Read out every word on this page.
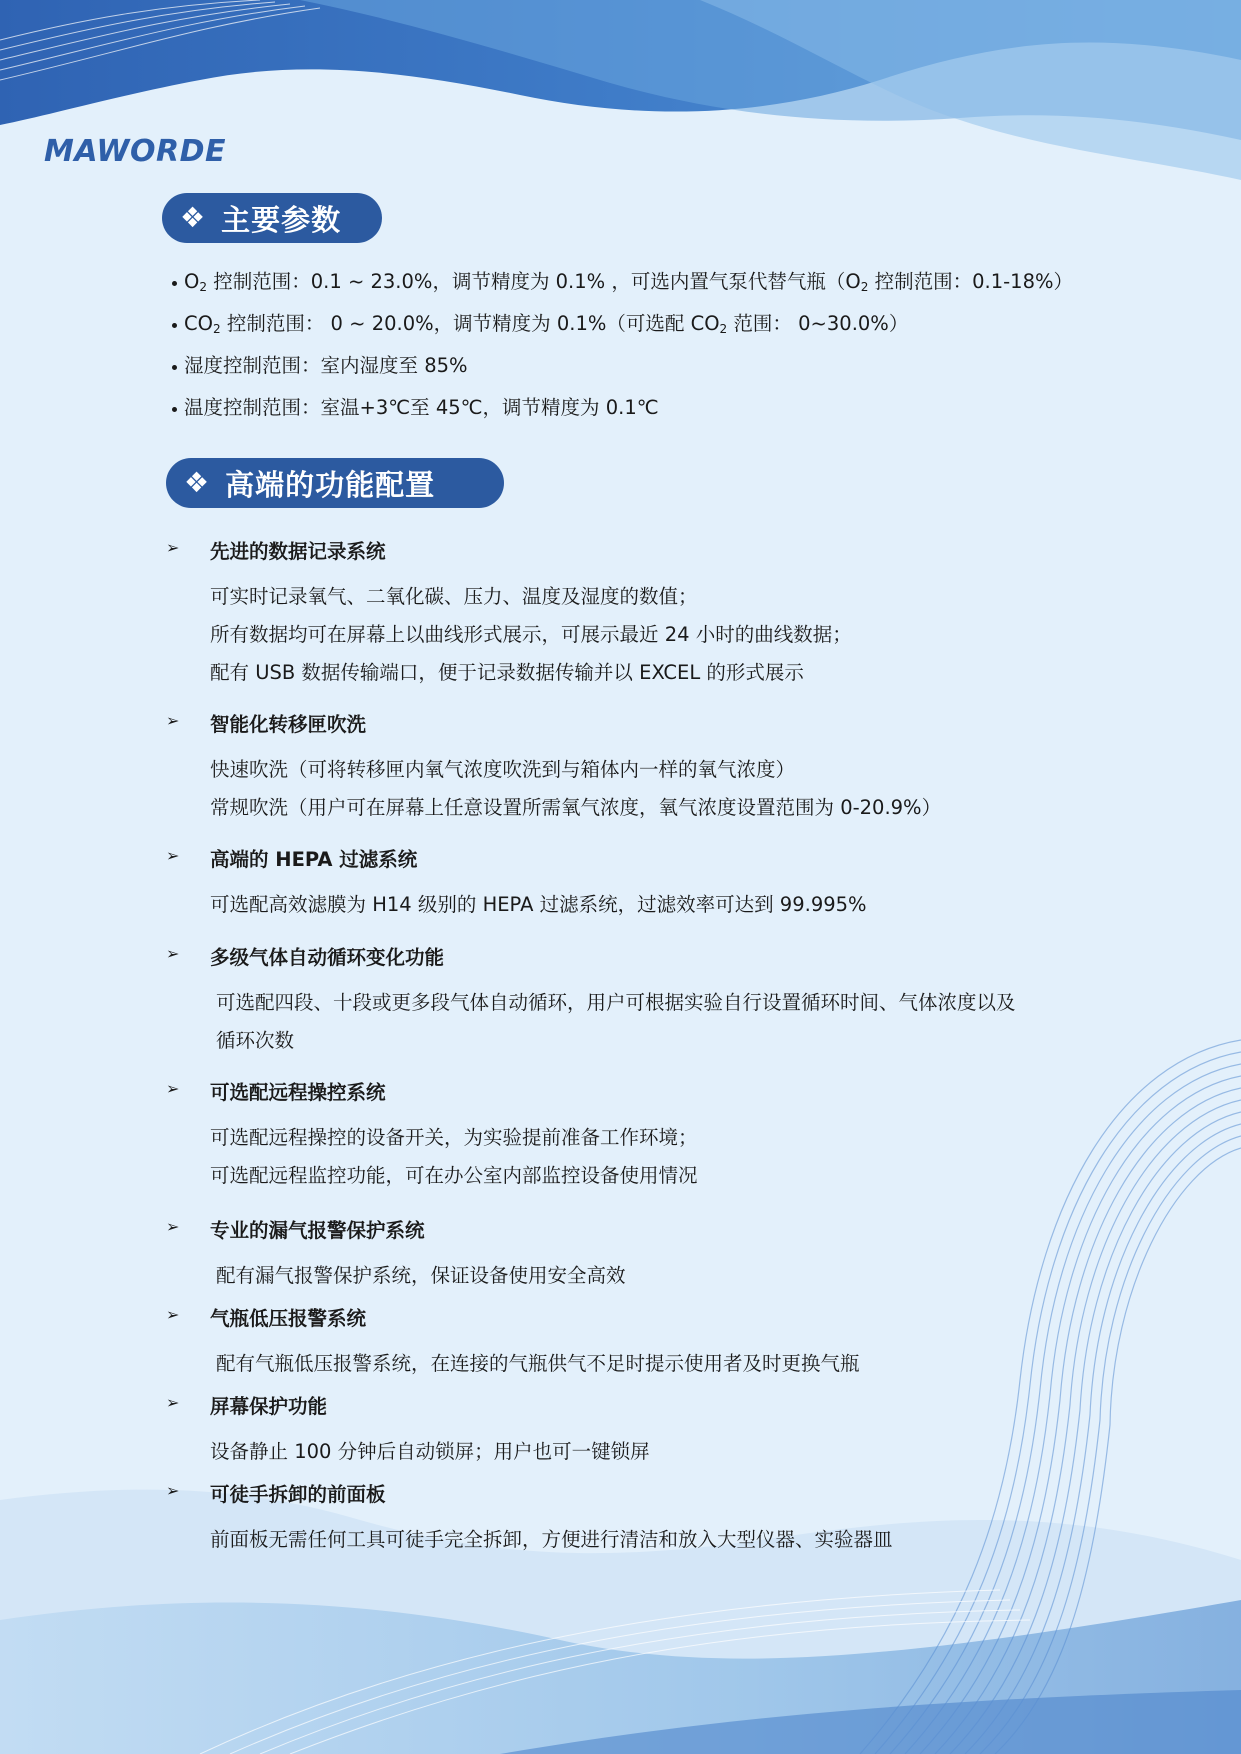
MAWORDE
❖ 主要参数
$O_2$ 控制范围：0.1 ~ 23.0%，调节精度为 0.1% ，可选内置气泵代替气瓶（$O_2$ 控制范围：0.1-18%）
$CO_2$ 控制范围： 0 ~ 20.0%，调节精度为 0.1%（可选配 $CO_2$ 范围： 0~30.0%）
湿度控制范围：室内湿度至 85%
温度控制范围：室温+3℃至 45℃，调节精度为 0.1℃
❖ 高端的功能配置
➢ 先进的数据记录系统
可实时记录氧气、二氧化碳、压力、温度及湿度的数值；
所有数据均可在屏幕上以曲线形式展示，可展示最近 24 小时的曲线数据；
配有 USB 数据传输端口，便于记录数据传输并以 EXCEL 的形式展示
➢ 智能化转移匣吹洗
快速吹洗（可将转移匣内氧气浓度吹洗到与箱体内一样的氧气浓度）
常规吹洗（用户可在屏幕上任意设置所需氧气浓度，氧气浓度设置范围为 0-20.9%）
➢ 高端的 HEPA 过滤系统
可选配高效滤膜为 H14 级别的 HEPA 过滤系统，过滤效率可达到 99.995%
➢ 多级气体自动循环变化功能
可选配四段、十段或更多段气体自动循环，用户可根据实验自行设置循环时间、气体浓度以及
循环次数
➢ 可选配远程操控系统
可选配远程操控的设备开关，为实验提前准备工作环境；
可选配远程监控功能，可在办公室内部监控设备使用情况
➢ 专业的漏气报警保护系统
配有漏气报警保护系统，保证设备使用安全高效
➢ 气瓶低压报警系统
配有气瓶低压报警系统，在连接的气瓶供气不足时提示使用者及时更换气瓶
➢ 屏幕保护功能
设备静止 100 分钟后自动锁屏；用户也可一键锁屏
➢ 可徒手拆卸的前面板
前面板无需任何工具可徒手完全拆卸，方便进行清洁和放入大型仪器、实验器皿
